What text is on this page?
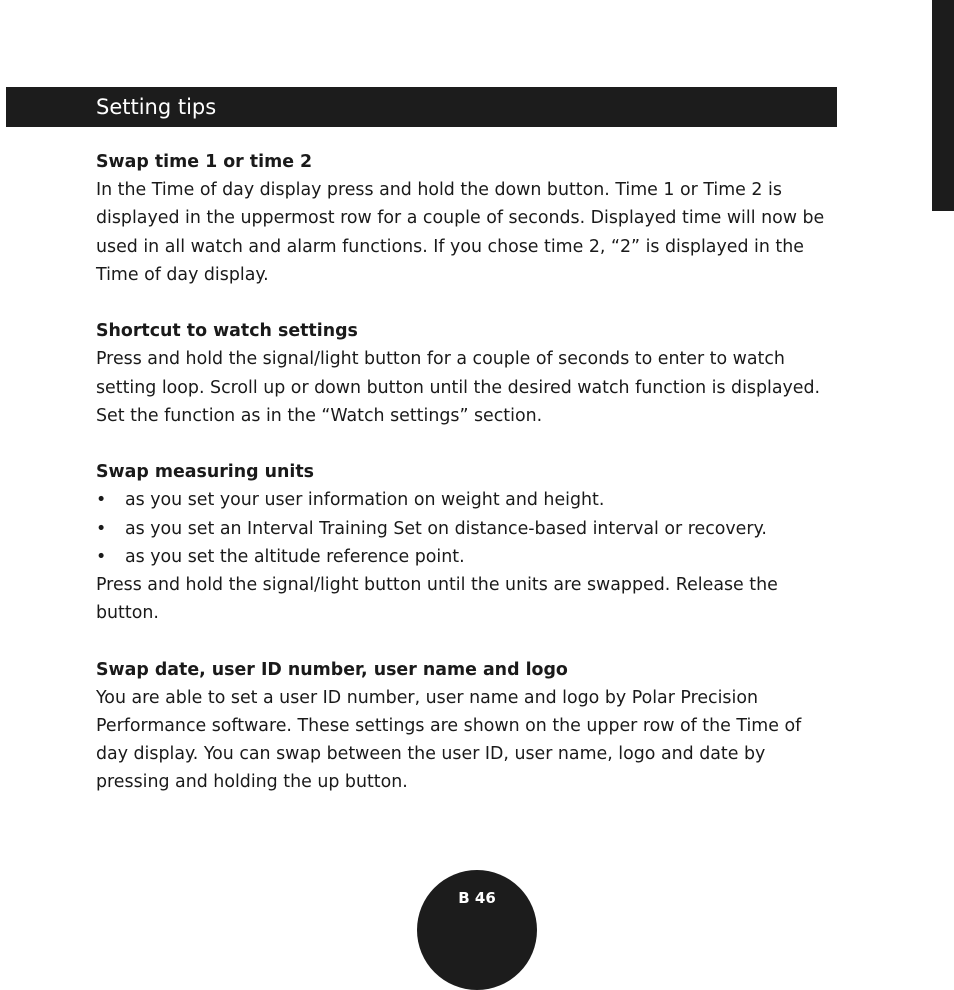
Setting tips

Swap time 1 or time 2

In the Time of day display press and hold the down button. Time 1 or Time 2 is displayed in the uppermost row for a couple of seconds. Displayed time will now be used in all watch and alarm functions. If you chose time 2, “2” is displayed in the Time of day display.

Shortcut to watch settings

Press and hold the signal/light button for a couple of seconds to enter to watch setting loop. Scroll up or down button until the desired watch function is displayed. Set the function as in the “Watch settings” section.

Swap measuring units

• as you set your user information on weight and height.
• as you set an Interval Training Set on distance-based interval or recovery.
• as you set the altitude reference point.

Press and hold the signal/light button until the units are swapped. Release the button.

Swap date, user ID number, user name and logo

You are able to set a user ID number, user name and logo by Polar Precision Performance software. These settings are shown on the upper row of the Time of day display. You can swap between the user ID, user name, logo and date by pressing and holding the up button.

B 46
